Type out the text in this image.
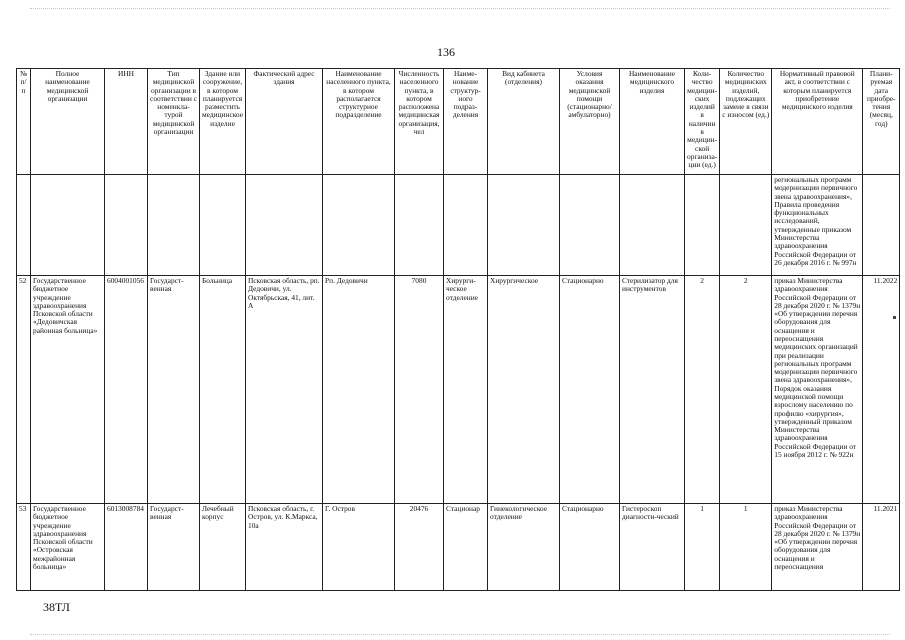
136
№ п/п	Полное наименование медицинской организации	ИНН	Тип медицинской организации в соответствии с номенкла-турой медицинской организации	Здание или сооружение, в котором планируется разместить медицинское изделие	Фактический адрес здания	Наименование населенного пункта, в котором располагается структурное подразделение	Численность населенного пункта, в котором расположена медицинская организация, чел	Наиме-нование структур-ного подраз-деления	Вид кабинета (отделения)	Условия оказания медицинской помощи (стационарно/ амбулаторно)	Наименование медицинского изделия	Коли-чество медицин-ских изделий в наличии в медицин-ской организа-ции (ед.)	Количество медицинских изделий, подлежащих замене в связи с износом (ед.)	Нормативный правовой акт, в соответствии с которым планируется приобретение медицинского изделия	Плани-руемая дата приобре-тения (месяц, год)
														региональных программ модернизации первичного звена здравоохранения», Правила проведения функциональных исследований, утвержденные приказом Министерства здравоохранения Российской Федерации от 26 декабря 2016 г. № 997н	
52	Государственное бюджетное учреждение здравоохранения Псковской области «Дедовичская районная больница»	6004001056	Государст-венная	Больница	Псковская область, рп. Дедовичи, ул. Октябрьская, 41, лит. А	Рп. Дедовичи	7080	Хирурги-ческое отделение	Хирургическое	Стационарно	Стерилизатор для инструментов	2	2	приказ Министерства здравоохранения Российской Федерации от 28 декабря 2020 г. № 1379н «Об утверждении перечня оборудования для оснащения и переоснащения медицинских организаций при реализации региональных программ модернизации первичного звена здравоохранения», Порядок оказания медицинской помощи взрослому населению по профилю «хирургия», утвержденный приказом Министерства здравоохранения Российской Федерации от 15 ноября 2012 г. № 922н	11.2022
53	Государственное бюджетное учреждение здравоохранения Псковской области «Островская межрайонная больница»	6013008784	Государст-венная	Лечебный корпус	Псковская область, г. Остров, ул. К.Маркса, 10а	Г. Остров	20476	Стационар	Гинекологическое отделение	Стационарно	Гистероскоп диагности-ческий	1	1	приказ Министерства здравоохранения Российской Федерации от 28 декабря 2020 г. № 1379н «Об утверждении перечня оборудования для оснащения и переоснащения	11.2021
38ТЛ
